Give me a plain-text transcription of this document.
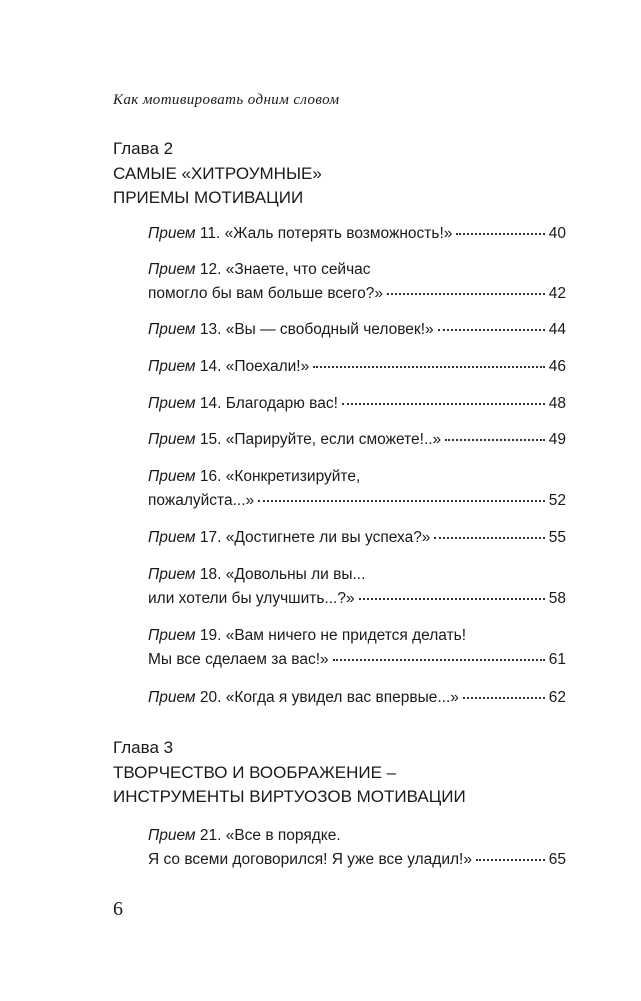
Как мотивировать одним словом
Глава 2
САМЫЕ «ХИТРОУМНЫЕ»
ПРИЕМЫ МОТИВАЦИИ
Прием 11. «Жаль потерять возможность!»	40
Прием 12. «Знаете, что сейчас
помогло бы вам больше всего?»	42
Прием 13. «Вы — свободный человек!»	44
Прием 14. «Поехали!»	46
Прием 14. Благодарю вас!	48
Прием 15. «Парируйте, если сможете!..»	49
Прием 16. «Конкретизируйте,
пожалуйста...»	52
Прием 17. «Достигнете ли вы успеха?»	55
Прием 18. «Довольны ли вы...
или хотели бы улучшить...?»	58
Прием 19. «Вам ничего не придется делать!
Мы все сделаем за вас!»	61
Прием 20. «Когда я увидел вас впервые...»	62
Глава 3
ТВОРЧЕСТВО И ВООБРАЖЕНИЕ –
ИНСТРУМЕНТЫ ВИРТУОЗОВ МОТИВАЦИИ
Прием 21. «Все в порядке.
Я со всеми договорился! Я уже все уладил!»	65
6
